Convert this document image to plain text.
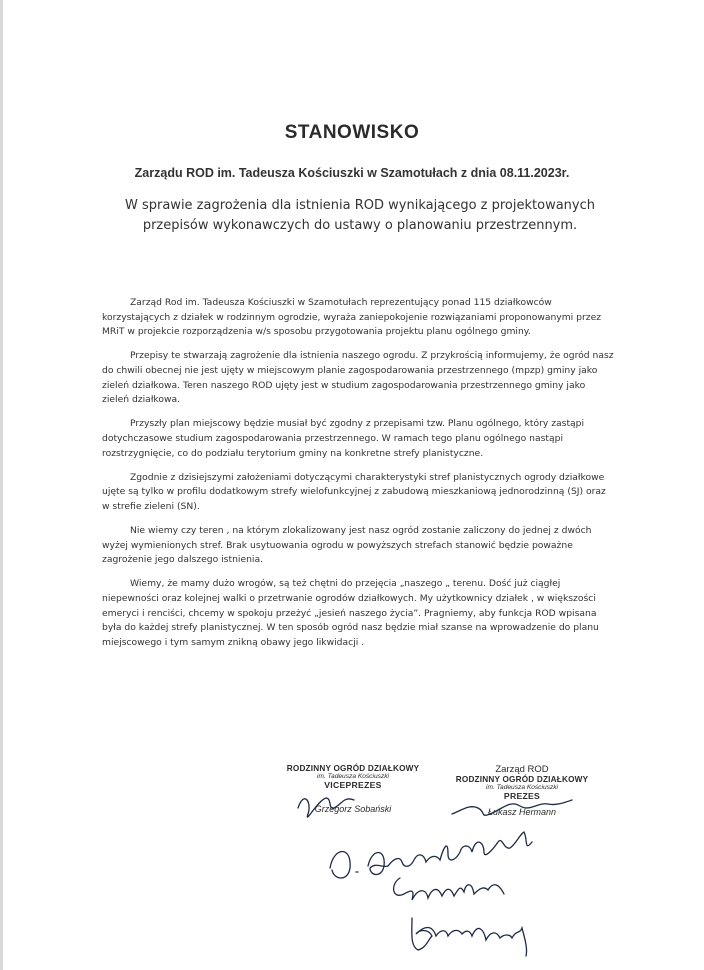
STANOWISKO
Zarządu ROD im. Tadeusza Kościuszki w Szamotułach z dnia 08.11.2023r.
W sprawie zagrożenia dla istnienia ROD wynikającego z projektowanych przepisów wykonawczych do ustawy o planowaniu przestrzennym.

Zarząd Rod im. Tadeusza Kościuszki w Szamotułach reprezentujący ponad 115 działkowców korzystających z działek w rodzinnym ogrodzie, wyraża zaniepokojenie rozwiązaniami proponowanymi przez MRiT w projekcie rozporządzenia w/s sposobu przygotowania projektu planu ogólnego gminy.

Przepisy te stwarzają zagrożenie dla istnienia naszego ogrodu. Z przykrością informujemy, że ogród nasz do chwili obecnej nie jest ujęty w miejscowym planie zagospodarowania przestrzennego (mpzp) gminy jako zieleń działkowa. Teren naszego ROD ujęty jest w studium zagospodarowania przestrzennego gminy jako zieleń działkowa.

Przyszły plan miejscowy będzie musiał być zgodny z przepisami tzw. Planu ogólnego, który zastąpi dotychczasowe studium zagospodarowania przestrzennego. W ramach tego planu ogólnego nastąpi rozstrzygnięcie, co do podziału terytorium gminy na konkretne strefy planistyczne.

Zgodnie z dzisiejszymi założeniami dotyczącymi charakterystyki stref planistycznych ogrody działkowe ujęte są tylko w profilu dodatkowym strefy wielofunkcyjnej z zabudową mieszkaniową jednorodzinną (SJ) oraz w strefie zieleni (SN).

Nie wiemy czy teren , na którym zlokalizowany jest nasz ogród zostanie zaliczony do jednej z dwóch wyżej wymienionych stref. Brak usytuowania ogrodu w powyższych strefach stanowić będzie poważne zagrożenie jego dalszego istnienia.

Wiemy, że mamy dużo wrogów, są też chętni do przejęcia „naszego „ terenu. Dość już ciągłej niepewności oraz kolejnej walki o przetrwanie ogrodów działkowych. My użytkownicy działek , w większości emeryci i renciści, chcemy w spokoju przeżyć „jesień naszego życia”. Pragniemy, aby funkcja ROD wpisana była do każdej strefy planistycznej. W ten sposób ogród nasz będzie miał szanse na wprowadzenie do planu miejscowego i tym samym znikną obawy jego likwidacji .

RODZINNY OGRÓD DZIAŁKOWY
im. Tadeusza Kościuszki
VICEPREZES
Grzegorz Sobański
Zarząd ROD
RODZINNY OGRÓD DZIAŁKOWY
im. Tadeusza Kościuszki
PREZES
Łukasz Hermann
